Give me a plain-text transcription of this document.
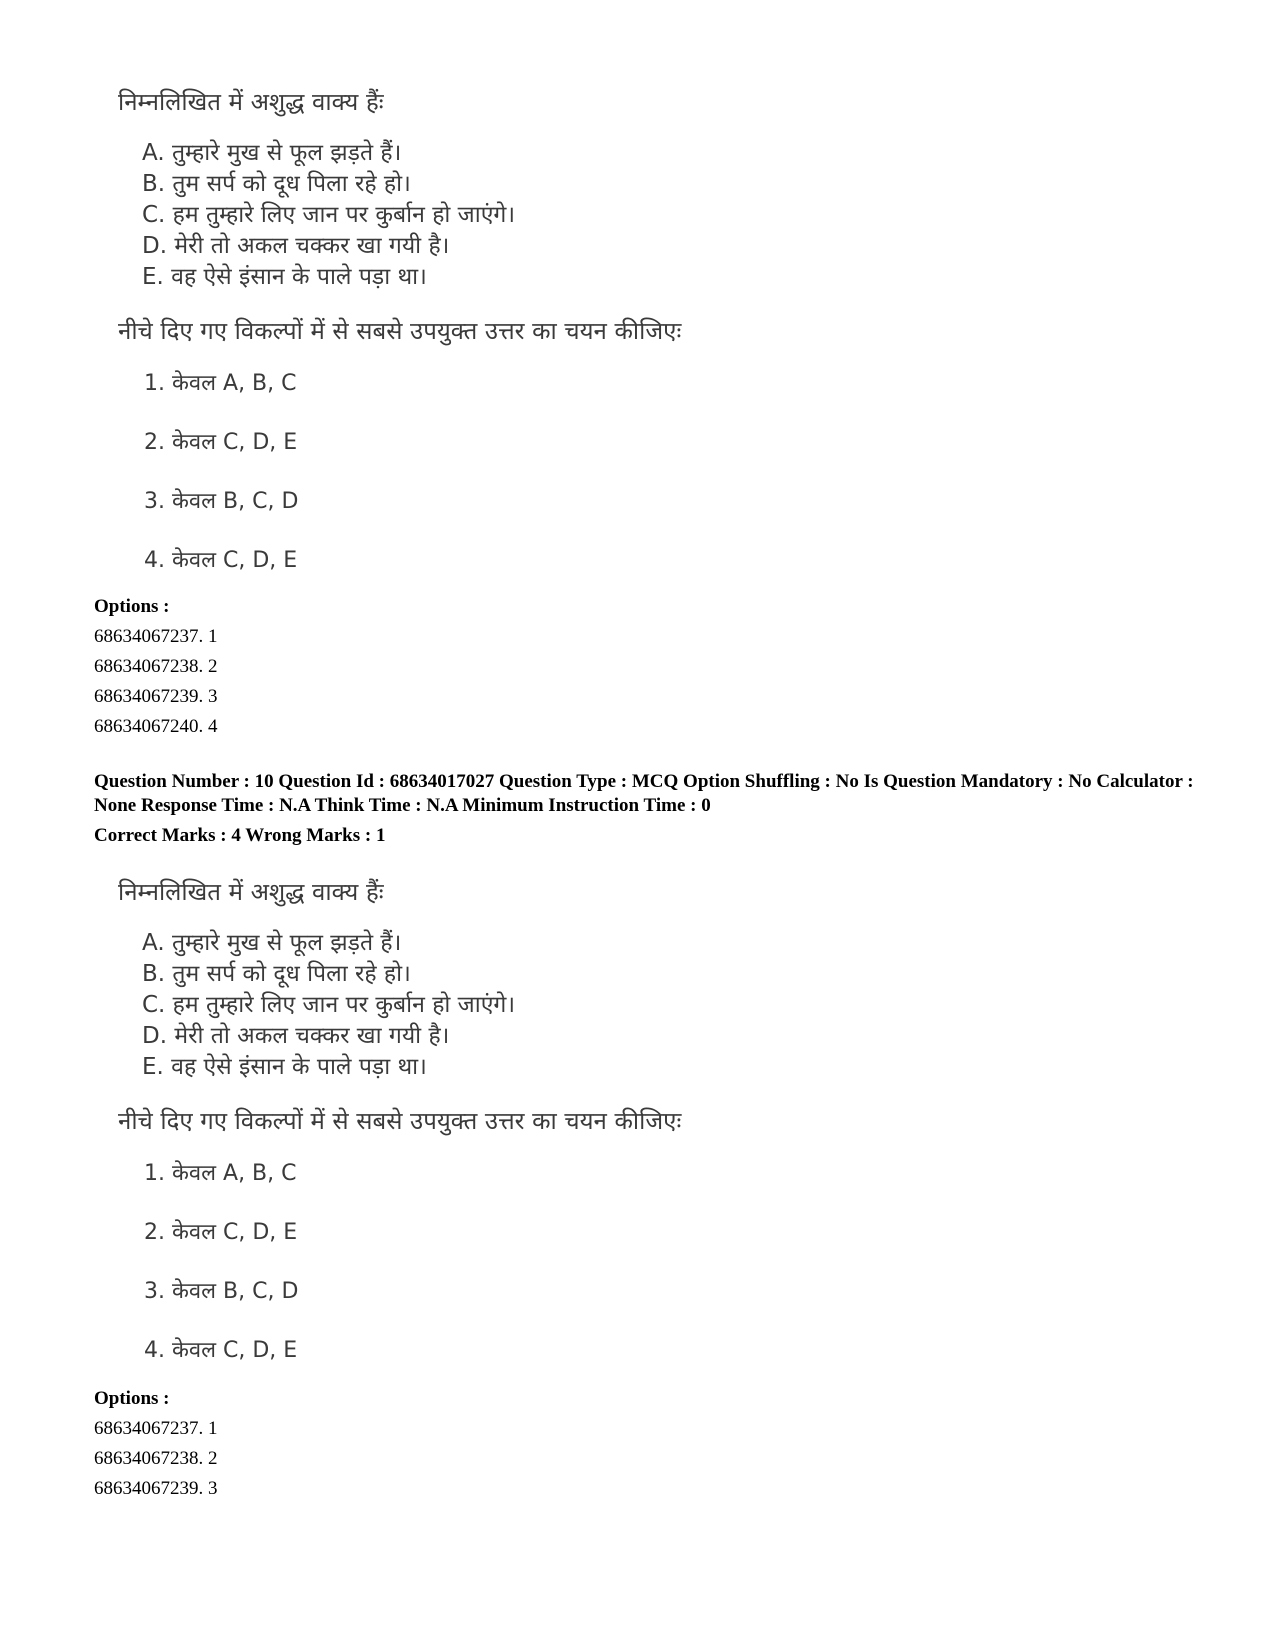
निम्नलिखित में अशुद्ध वाक्य हैंः
A. तुम्हारे मुख से फूल झड़ते हैं।
B. तुम सर्प को दूध पिला रहे हो।
C. हम तुम्हारे लिए जान पर कुर्बान हो जाएंगे।
D. मेरी तो अकल चक्कर खा गयी है।
E. वह ऐसे इंसान के पाले पड़ा था।
नीचे दिए गए विकल्पों में से सबसे उपयुक्त उत्तर का चयन कीजिएः
1. केवल A, B, C
2. केवल C, D, E
3. केवल B, C, D
4. केवल C, D, E
Options :
68634067237. 1
68634067238. 2
68634067239. 3
68634067240. 4
Question Number : 10 Question Id : 68634017027 Question Type : MCQ Option Shuffling : No Is Question Mandatory : No Calculator : None Response Time : N.A Think Time : N.A Minimum Instruction Time : 0
Correct Marks : 4 Wrong Marks : 1
निम्नलिखित में अशुद्ध वाक्य हैंः
A. तुम्हारे मुख से फूल झड़ते हैं।
B. तुम सर्प को दूध पिला रहे हो।
C. हम तुम्हारे लिए जान पर कुर्बान हो जाएंगे।
D. मेरी तो अकल चक्कर खा गयी है।
E. वह ऐसे इंसान के पाले पड़ा था।
नीचे दिए गए विकल्पों में से सबसे उपयुक्त उत्तर का चयन कीजिएः
1. केवल A, B, C
2. केवल C, D, E
3. केवल B, C, D
4. केवल C, D, E
Options :
68634067237. 1
68634067238. 2
68634067239. 3
